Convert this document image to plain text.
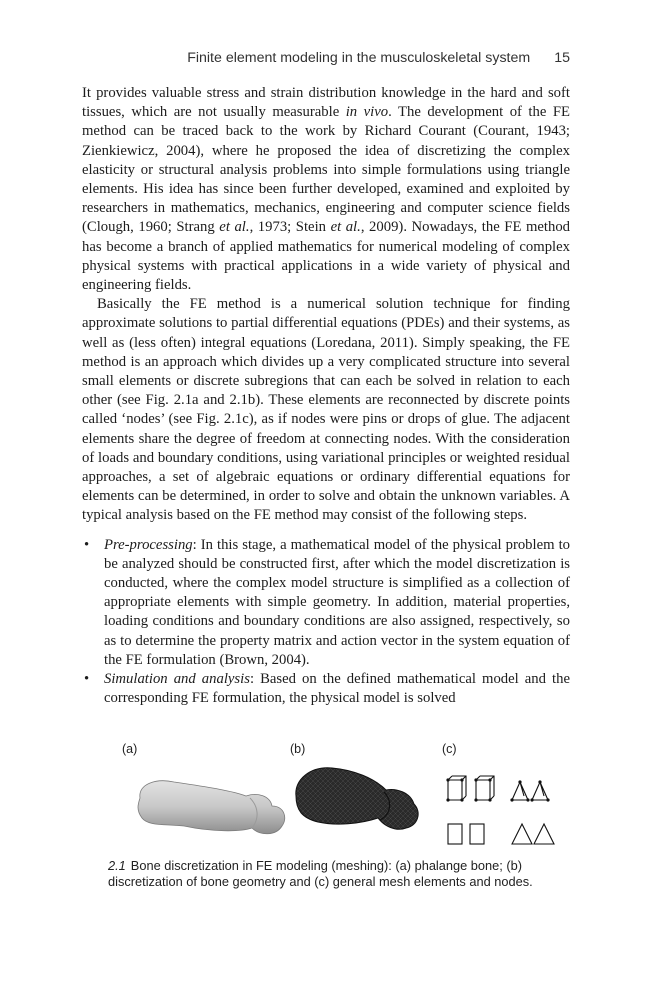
Finite element modeling in the musculoskeletal system 15

It provides valuable stress and strain distribution knowledge in the hard and soft tissues, which are not usually measurable in vivo. The development of the FE method can be traced back to the work by Richard Courant (Courant, 1943; Zienkiewicz, 2004), where he proposed the idea of discretizing the complex elasticity or structural analysis problems into simple formulations using triangle elements. His idea has since been further developed, examined and exploited by researchers in mathematics, mechanics, engineering and computer science fields (Clough, 1960; Strang et al., 1973; Stein et al., 2009). Nowadays, the FE method has become a branch of applied mathematics for numerical modeling of complex physical systems with practical applications in a wide variety of physical and engineering fields.

Basically the FE method is a numerical solution technique for finding approximate solutions to partial differential equations (PDEs) and their systems, as well as (less often) integral equations (Loredana, 2011). Simply speaking, the FE method is an approach which divides up a very complicated structure into several small elements or discrete subregions that can each be solved in relation to each other (see Fig. 2.1a and 2.1b). These elements are reconnected by discrete points called ‘nodes’ (see Fig. 2.1c), as if nodes were pins or drops of glue. The adjacent elements share the degree of freedom at connecting nodes. With the consideration of loads and boundary conditions, using variational principles or weighted residual approaches, a set of algebraic equations or ordinary differential equations for elements can be determined, in order to solve and obtain the unknown variables. A typical analysis based on the FE method may consist of the following steps.

• Pre-processing: In this stage, a mathematical model of the physical problem to be analyzed should be constructed first, after which the model discretization is conducted, where the complex model structure is simplified as a collection of appropriate elements with simple geometry. In addition, material properties, loading conditions and boundary conditions are also assigned, respectively, so as to determine the property matrix and action vector in the system equation of the FE formulation (Brown, 2004).
• Simulation and analysis: Based on the defined mathematical model and the corresponding FE formulation, the physical model is solved
(a)	(b)	(c)
2.1 Bone discretization in FE modeling (meshing): (a) phalange bone; (b) discretization of bone geometry and (c) general mesh elements and nodes.
